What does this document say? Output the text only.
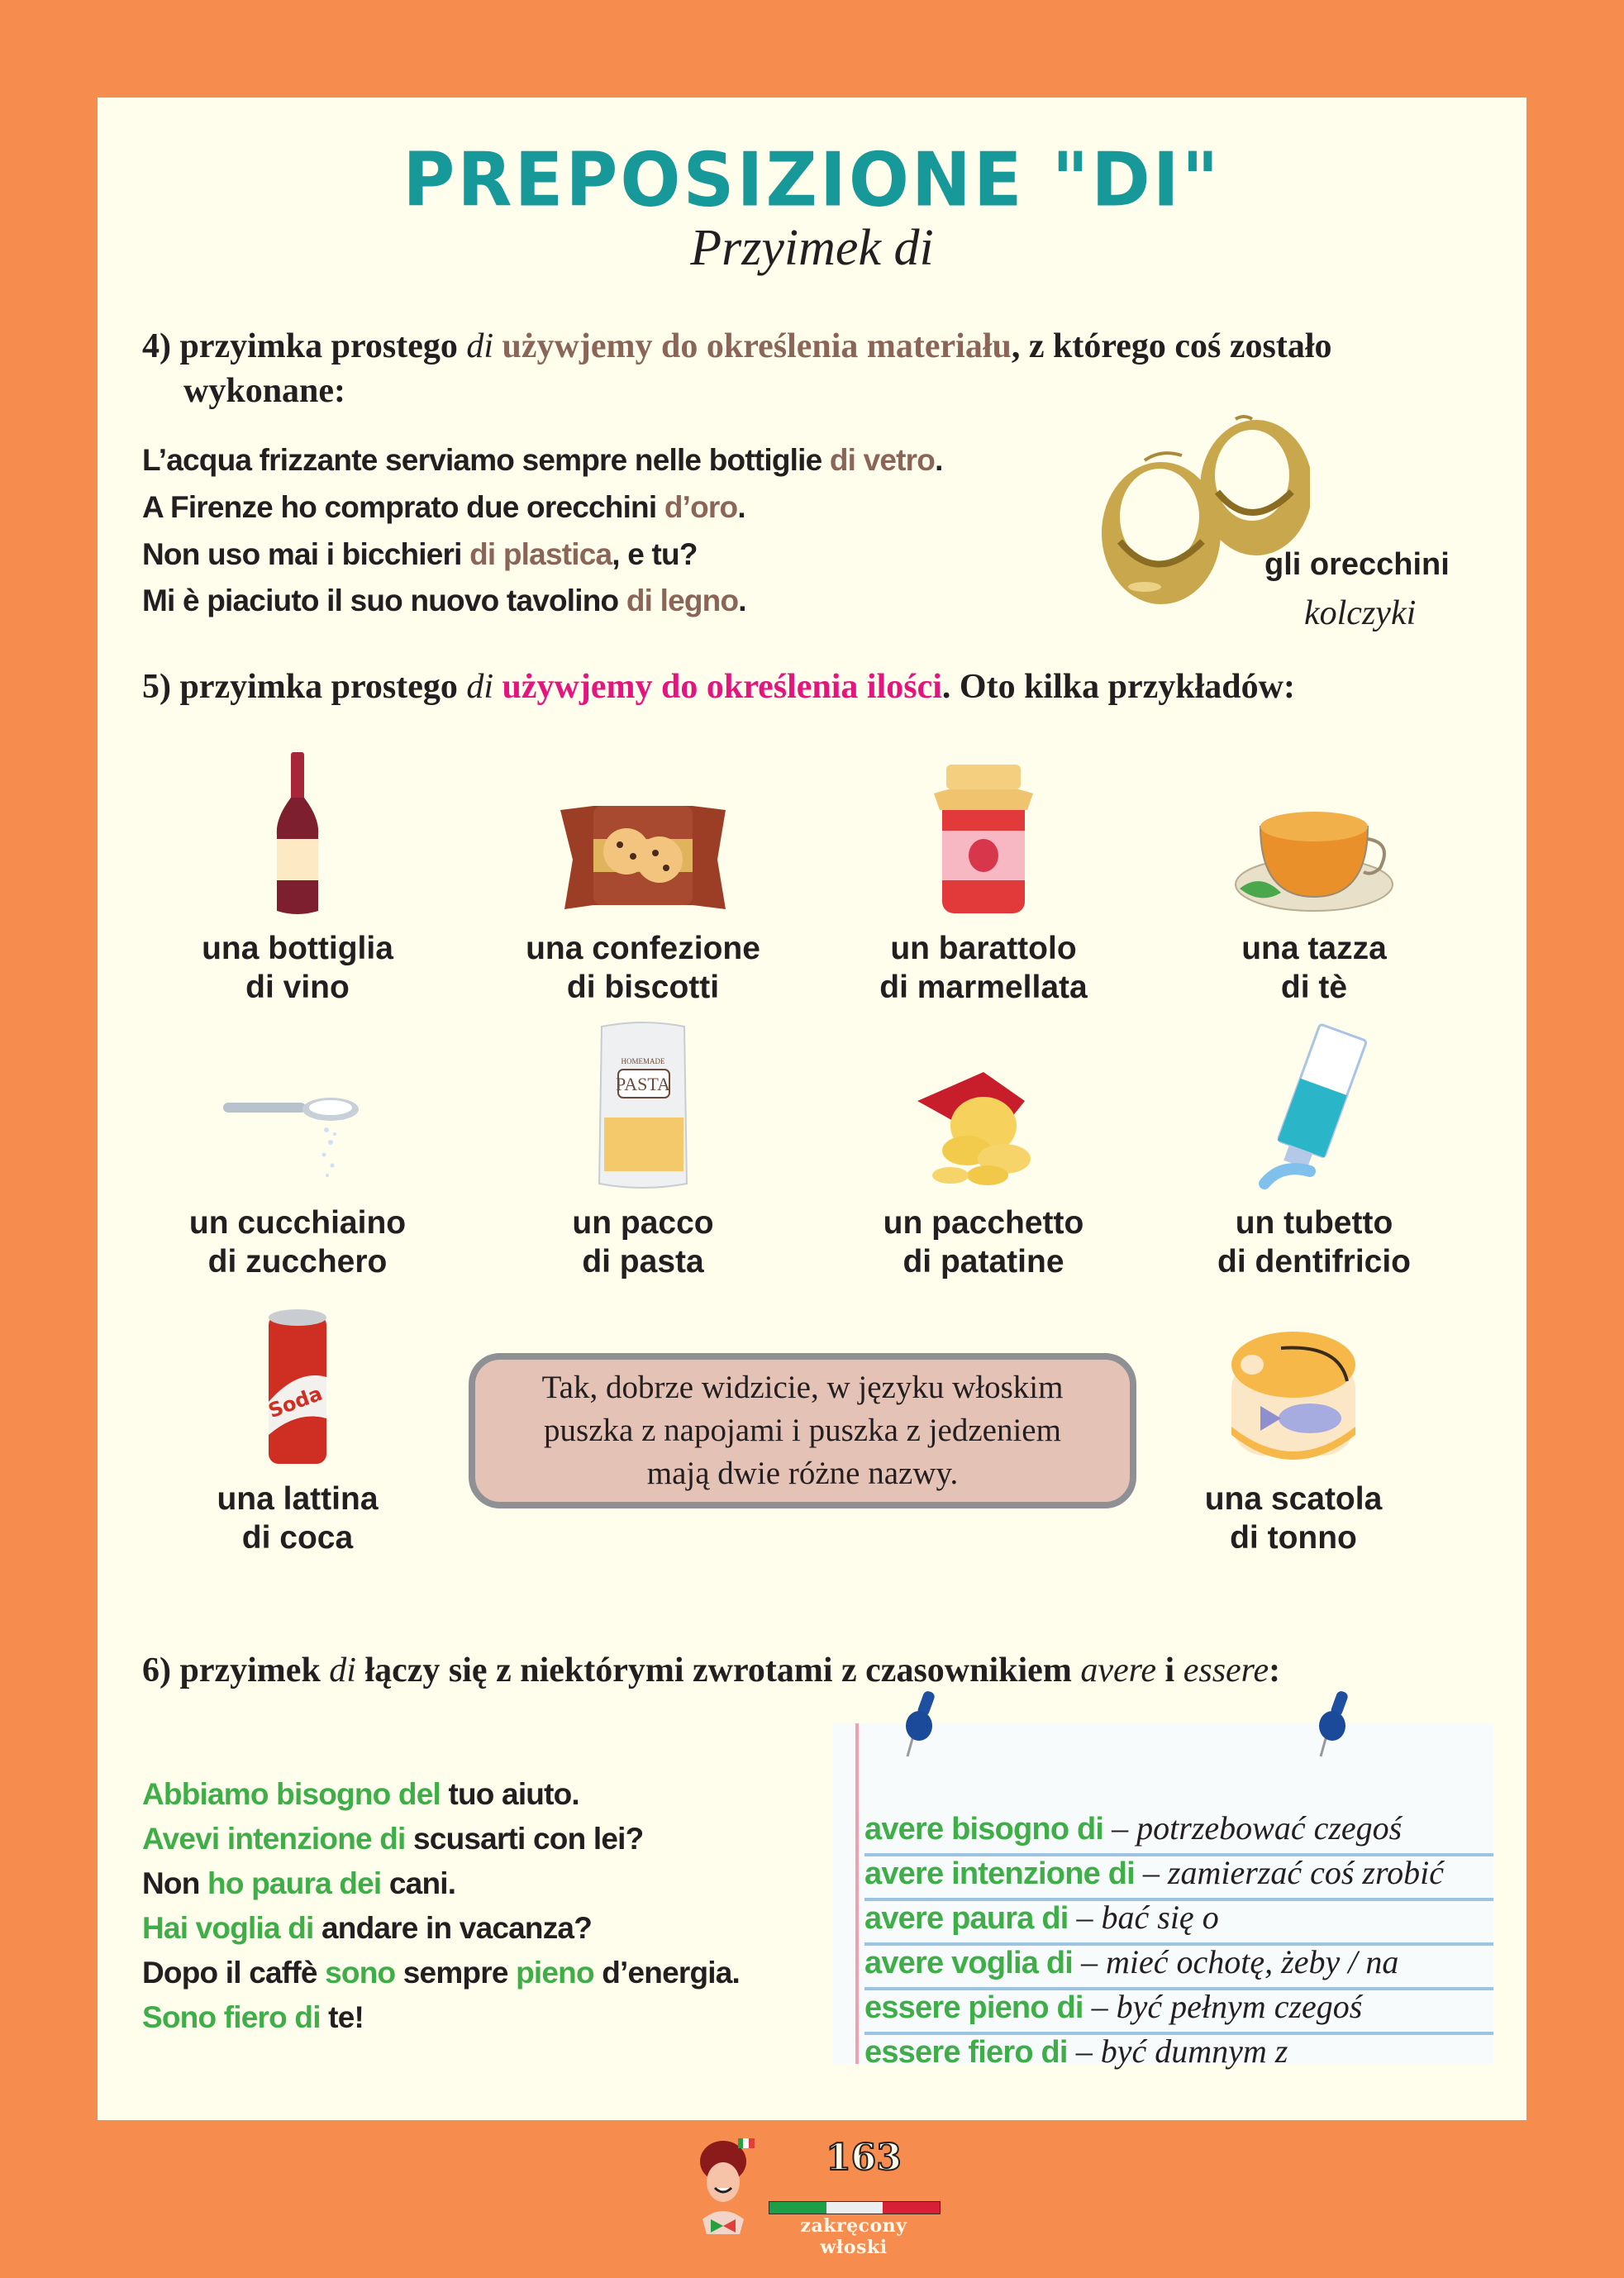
PREPOSIZIONE "DI"
Przyimek di
4) przyimka prostego di używjemy do określenia materiału, z którego coś zostało
wykonane:
L’acqua frizzante serviamo sempre nelle bottiglie di vetro.
A Firenze ho comprato due orecchini d’oro.
Non uso mai i bicchieri di plastica, e tu?
Mi è piaciuto il suo nuovo tavolino di legno.
gli orecchini
kolczyki
5) przyimka prostego di używjemy do określenia ilości. Oto kilka przykładów:
una bottiglia
di vino
una confezione
di biscotti
un barattolo
di marmellata
una tazza
di tè
un cucchiaino
di zucchero
HOMEMADE
PASTA
un pacco
di pasta
un pacchetto
di patatine
un tubetto
di dentifricio
Soda
una lattina
di coca
una scatola
di tonno
Tak, dobrze widzicie, w języku włoskim
puszka z napojami i puszka z jedzeniem
mają dwie różne nazwy.
6) przyimek di łączy się z niektórymi zwrotami z czasownikiem avere i essere:
Abbiamo bisogno del tuo aiuto.
Avevi intenzione di scusarti con lei?
Non ho paura dei cani.
Hai voglia di andare in vacanza?
Dopo il caffè sono sempre pieno d’energia.
Sono fiero di te!
avere bisogno di – potrzebować czegoś
avere intenzione di – zamierzać coś zrobić
avere paura di – bać się o
avere voglia di – mieć ochotę, żeby / na
essere pieno di – być pełnym czegoś
essere fiero di – być dumnym z
163
zakręcony włoski
